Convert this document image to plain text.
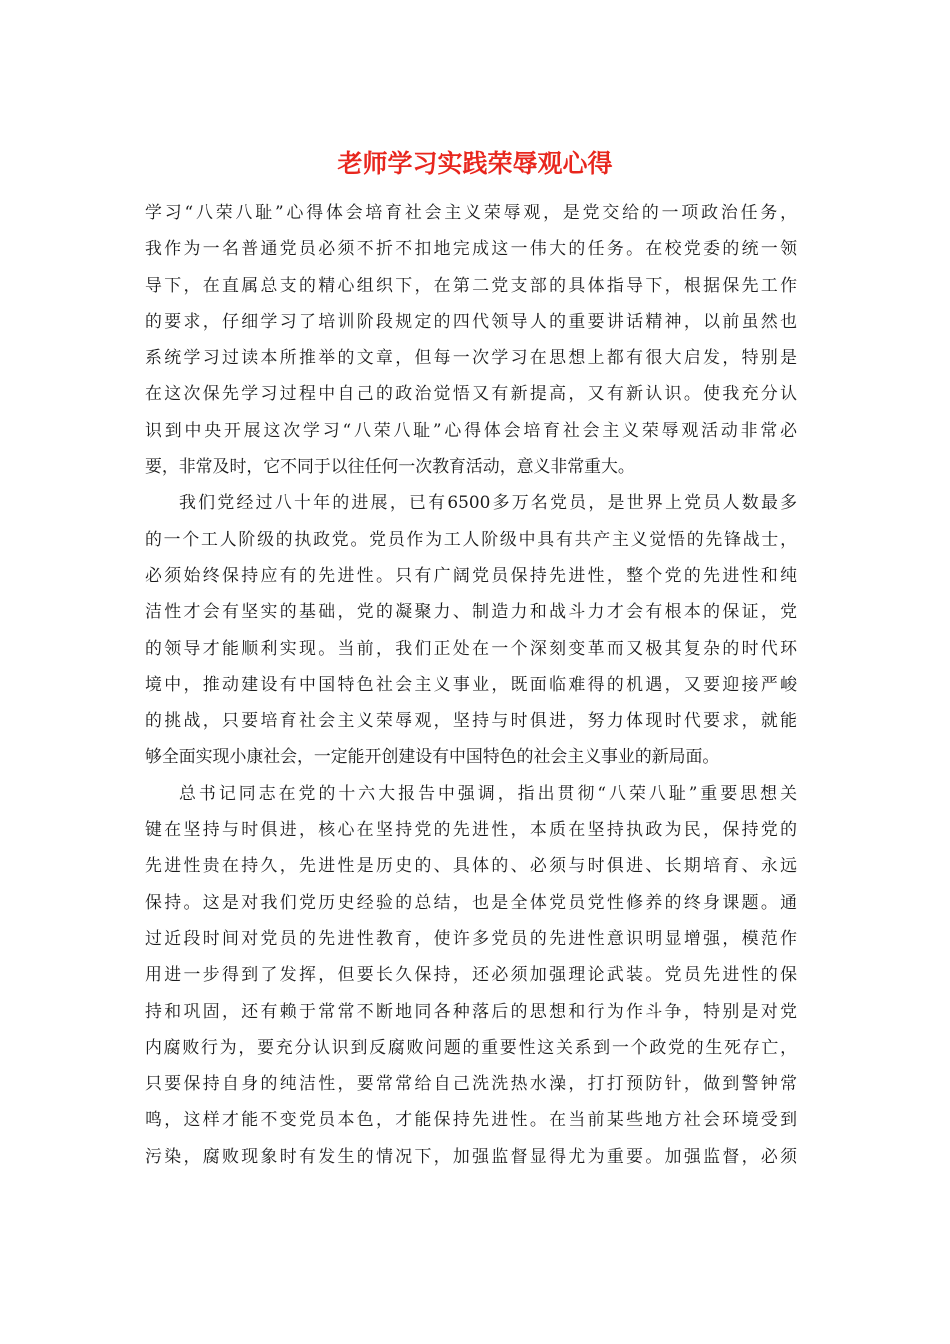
老师学习实践荣辱观心得
学习“八荣八耻”心得体会培育社会主义荣辱观，是党交给的一项政治任务，
我作为一名普通党员必须不折不扣地完成这一伟大的任务。在校党委的统一领
导下，在直属总支的精心组织下，在第二党支部的具体指导下，根据保先工作
的要求，仔细学习了培训阶段规定的四代领导人的重要讲话精神，以前虽然也
系统学习过读本所推举的文章，但每一次学习在思想上都有很大启发，特别是
在这次保先学习过程中自己的政治觉悟又有新提高，又有新认识。使我充分认
识到中央开展这次学习“八荣八耻”心得体会培育社会主义荣辱观活动非常必
要，非常及时，它不同于以往任何一次教育活动，意义非常重大。
我们党经过八十年的进展，已有6500多万名党员，是世界上党员人数最多
的一个工人阶级的执政党。党员作为工人阶级中具有共产主义觉悟的先锋战士，
必须始终保持应有的先进性。只有广阔党员保持先进性，整个党的先进性和纯
洁性才会有坚实的基础，党的凝聚力、制造力和战斗力才会有根本的保证，党
的领导才能顺利实现。当前，我们正处在一个深刻变革而又极其复杂的时代环
境中，推动建设有中国特色社会主义事业，既面临难得的机遇，又要迎接严峻
的挑战，只要培育社会主义荣辱观，坚持与时俱进，努力体现时代要求，就能
够全面实现小康社会，一定能开创建设有中国特色的社会主义事业的新局面。
总书记同志在党的十六大报告中强调，指出贯彻“八荣八耻”重要思想关
键在坚持与时俱进，核心在坚持党的先进性，本质在坚持执政为民，保持党的
先进性贵在持久，先进性是历史的、具体的、必须与时俱进、长期培育、永远
保持。这是对我们党历史经验的总结，也是全体党员党性修养的终身课题。通
过近段时间对党员的先进性教育，使许多党员的先进性意识明显增强，模范作
用进一步得到了发挥，但要长久保持，还必须加强理论武装。党员先进性的保
持和巩固，还有赖于常常不断地同各种落后的思想和行为作斗争，特别是对党
内腐败行为，要充分认识到反腐败问题的重要性这关系到一个政党的生死存亡，
只要保持自身的纯洁性，要常常给自己洗洗热水澡，打打预防针，做到警钟常
鸣，这样才能不变党员本色，才能保持先进性。在当前某些地方社会环境受到
污染，腐败现象时有发生的情况下，加强监督显得尤为重要。加强监督，必须
